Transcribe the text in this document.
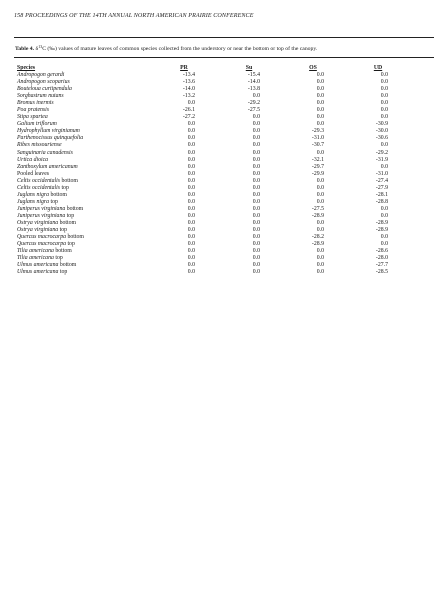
158 PROCEEDINGS OF THE 14TH ANNUAL NORTH AMERICAN PRAIRIE CONFERENCE
Table 4. $\delta^{13}C$ (‰) values of mature leaves of common species collected from the understory or near the bottom or top of the canopy.
Species	PR	Su	OS	UD
Andropogon gerardi	-13.4	-15.4	0.0	0.0
Andropogon scoparius	-13.6	-14.0	0.0	0.0
Bouteloua curtipendula	-14.0	-13.8	0.0	0.0
Sorghastrum nutans	-13.2	0.0	0.0	0.0
Bromus inermis	0.0	-29.2	0.0	0.0
Poa pratensis	-26.1	-27.5	0.0	0.0
Stipa spartea	-27.2	0.0	0.0	0.0
Galium triflorum	0.0	0.0	0.0	-30.9
Hydrophyllum virginianum	0.0	0.0	-29.3	-30.0
Parthenocissus quinquefolia	0.0	0.0	-31.0	-30.6
Ribes missouriense	0.0	0.0	-30.7	0.0
Sanguinaria canadensis	0.0	0.0	0.0	-29.2
Urtica dioica	0.0	0.0	-32.1	-31.9
Zanthoxylum americanum	0.0	0.0	-29.7	0.0
Pooled leaves	0.0	0.0	-29.9	-31.0
Celtis occidentalis bottom	0.0	0.0	0.0	-27.4
Celtis occidentalis top	0.0	0.0	0.0	-27.9
Juglans nigra bottom	0.0	0.0	0.0	-28.1
Juglans nigra top	0.0	0.0	0.0	-28.8
Juniperus virginiana bottom	0.0	0.0	-27.5	0.0
Juniperus virginiana top	0.0	0.0	-28.9	0.0
Ostrya virginiana bottom	0.0	0.0	0.0	-28.9
Ostrya virginiana top	0.0	0.0	0.0	-28.9
Quercus macrocarpa bottom	0.0	0.0	-28.2	0.0
Quercus macrocarpa top	0.0	0.0	-28.9	0.0
Tilia americana bottom	0.0	0.0	0.0	-28.6
Tilia americana top	0.0	0.0	0.0	-28.0
Ulmus americana bottom	0.0	0.0	0.0	-27.7
Ulmus americana top	0.0	0.0	0.0	-28.5
